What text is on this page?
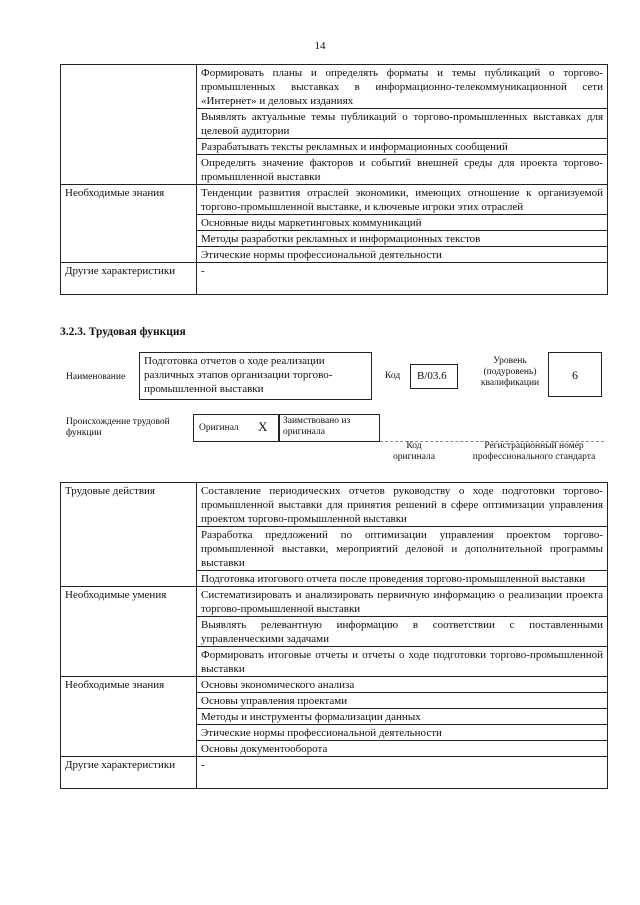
14
	Формировать планы и определять форматы и темы публикаций о торгово-промышленных выставках в информационно-телекоммуникационной сети «Интернет» и деловых изданиях
	Выявлять актуальные темы публикаций о торгово-промышленных выставках для целевой аудитории
	Разрабатывать тексты рекламных и информационных сообщений
	Определять значение факторов и событий внешней среды для проекта торгово-промышленной выставки
Необходимые знания	Тенденции развития отраслей экономики, имеющих отношение к организуемой торгово-промышленной выставке, и ключевые игроки этих отраслей
	Основные виды маркетинговых коммуникаций
	Методы разработки рекламных и информационных текстов
	Этические нормы профессиональной деятельности
Другие характеристики	-
3.2.3. Трудовая функция
Наименование
Подготовка отчетов о ходе реализации различных этапов организации торгово-промышленной выставки
Код	B/03.6
Уровень (подуровень) квалификации
6
Происхождение трудовой функции	Оригинал X Заимствовано из оригинала
Код оригинала
Регистрационный номер профессионального стандарта
Трудовые действия	Составление периодических отчетов руководству о ходе подготовки торгово-промышленной выставки для принятия решений в сфере оптимизации управления проектом торгово-промышленной выставки
	Разработка предложений по оптимизации управления проектом торгово-промышленной выставки, мероприятий деловой и дополнительной программы выставки
	Подготовка итогового отчета после проведения торгово-промышленной выставки
Необходимые умения	Систематизировать и анализировать первичную информацию о реализации проекта торгово-промышленной выставки
	Выявлять релевантную информацию в соответствии с поставленными управленческими задачами
	Формировать итоговые отчеты и отчеты о ходе подготовки торгово-промышленной выставки
Необходимые знания	Основы экономического анализа
	Основы управления проектами
	Методы и инструменты формализации данных
	Этические нормы профессиональной деятельности
	Основы документооборота
Другие характеристики	-
